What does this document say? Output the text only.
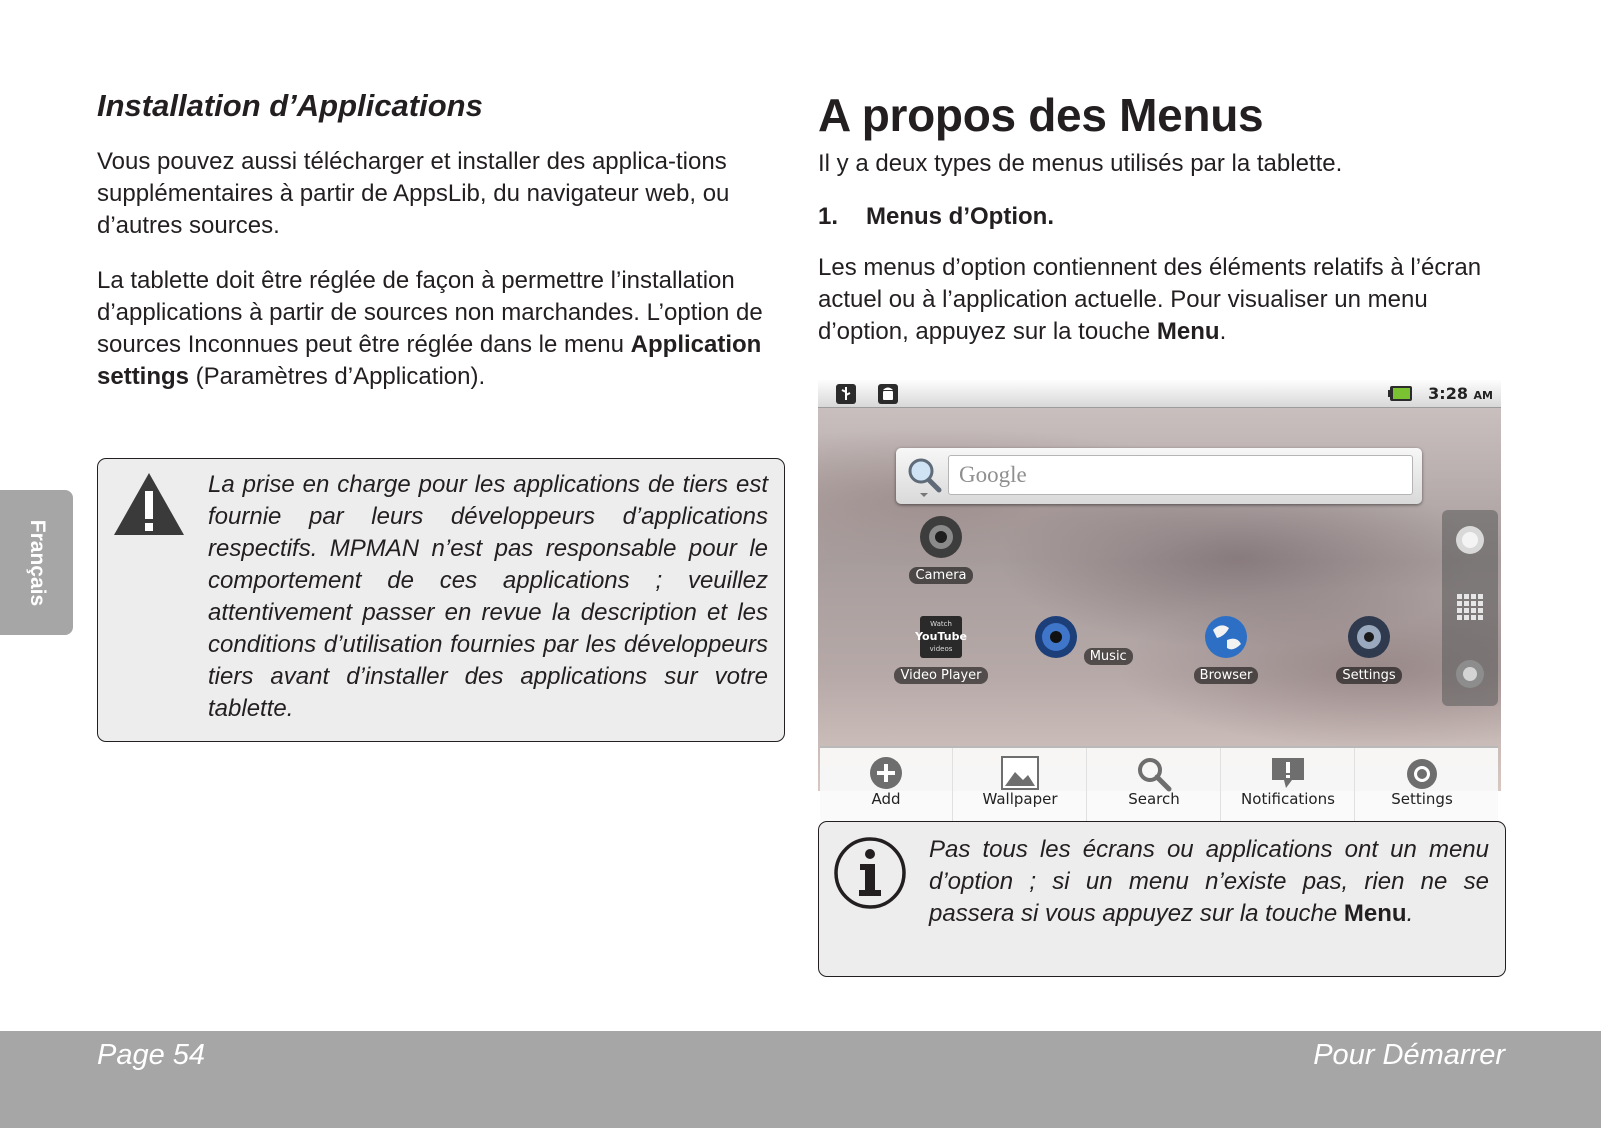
Installation d’Applications

Vous pouvez aussi télécharger et installer des applica-tions supplémentaires à partir de AppsLib, du navigateur web, ou d’autres sources.

La tablette doit être réglée de façon à permettre l’installation d’applications à partir de sources non marchandes. L’option de sources Inconnues peut être réglée dans le menu Application settings (Paramètres d’Application).

La prise en charge pour les applications de tiers est fournie par leurs développeurs d’applications respectifs. MPMAN n’est pas responsable pour le comportement de ces applications ; veuillez attentivement passer en revue la description et les conditions d’utilisation fournies par les développeurs tiers avant d’installer des applications sur votre tablette.
A propos des Menus

Il y a deux types de menus utilisés par la tablette.

1. Menus d’Option.

Les menus d’option contiennent des éléments relatifs à l’écran actuel ou à l’application actuelle. Pour visualiser un menu d’option, appuyez sur la touche Menu.

3:28 AM
Google
Camera
Watch
YouTube
videos
Video Player
Music
Browser	Settings
Add	Wallpaper	Search	Notifications	Settings
Pas tous les écrans ou applications ont un menu d’option ; si un menu n’existe pas, rien ne se passera si vous appuyez sur la touche Menu.
Français
Page 54	Pour Démarrer
